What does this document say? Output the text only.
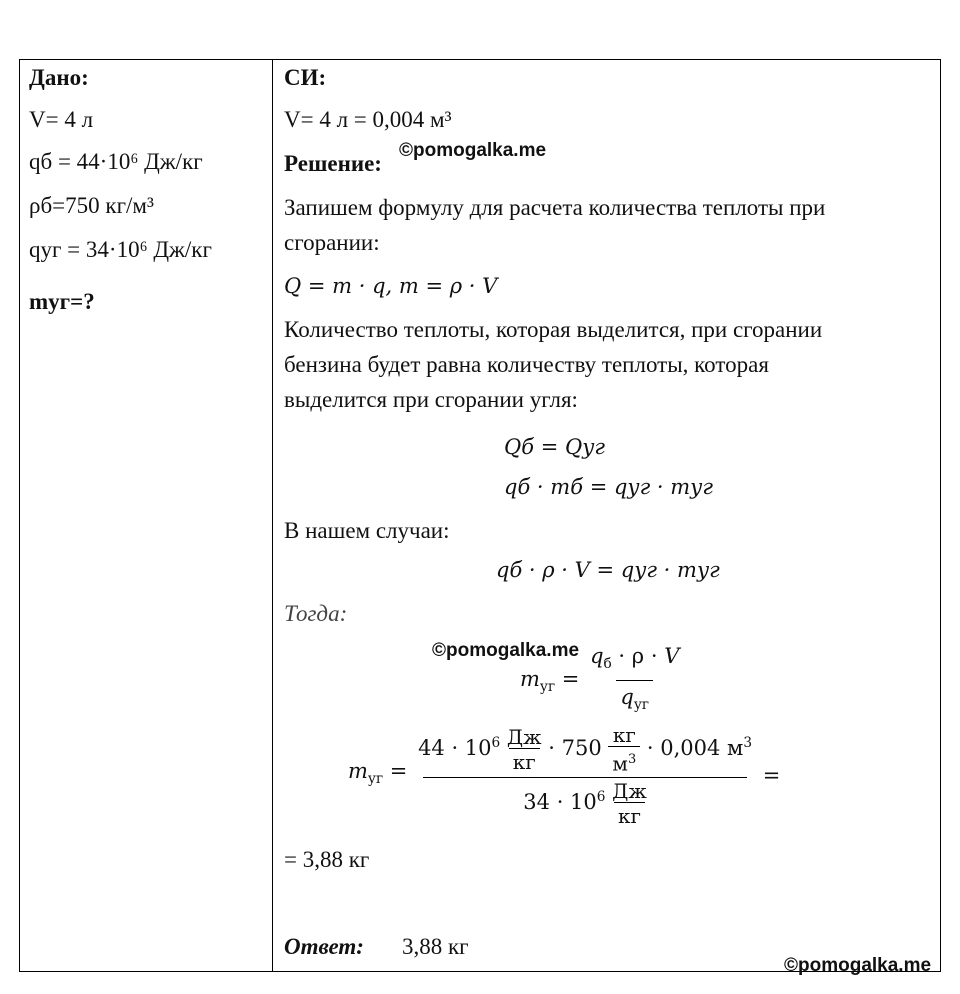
Дано:
V= 4 л
qб = 44·10⁶ Дж/кг
ρб=750 кг/м³
qуг = 34·10⁶ Дж/кг
mуг=?
СИ:
V= 4 л = 0,004 м³
Решение:
©pomogalka.me
Запишем формулу для расчета количества теплоты при
сгорании:
Q = m · q, m = ρ · V
Количество теплоты, которая выделится, при сгорании
бензина будет равна количеству теплоты, которая
выделится при сгорании угля:
Qб = Qуг
qб · mб = qуг · mуг
В нашем случаи:
qб · ρ · V = qуг · mуг
Тогда:
©pomogalka.me
$m_{уг} = \frac{q_б \cdot \rho \cdot V}{q_{уг}}$
$m_{уг} = 44 \cdot 10^6$ Дж
кг
· 750
кг
$м^3 \cdot 0,004$ $м^3$
$34 \cdot 10^6$ Дж
кг =
= 3,88 кг
Ответ: 3,88 кг
©pomogalka.me
